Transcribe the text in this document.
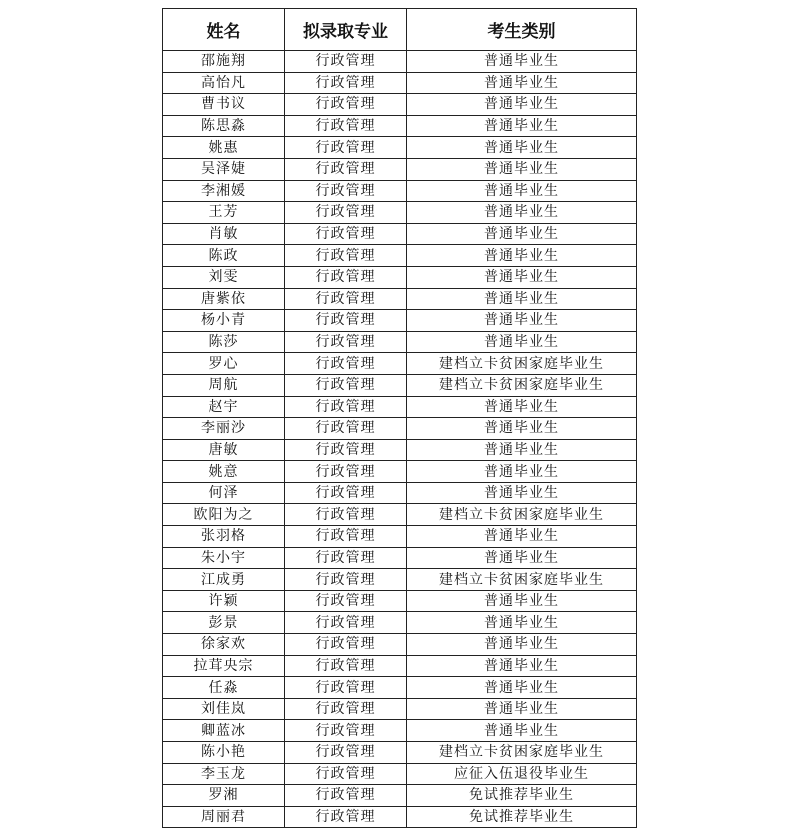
姓名	拟录取专业	考生类别
邵施翔	行政管理	普通毕业生
高怡凡	行政管理	普通毕业生
曹书议	行政管理	普通毕业生
陈思淼	行政管理	普通毕业生
姚惠	行政管理	普通毕业生
吴泽婕	行政管理	普通毕业生
李湘媛	行政管理	普通毕业生
王芳	行政管理	普通毕业生
肖敏	行政管理	普通毕业生
陈政	行政管理	普通毕业生
刘雯	行政管理	普通毕业生
唐紫依	行政管理	普通毕业生
杨小青	行政管理	普通毕业生
陈莎	行政管理	普通毕业生
罗心	行政管理	建档立卡贫困家庭毕业生
周航	行政管理	建档立卡贫困家庭毕业生
赵宇	行政管理	普通毕业生
李丽沙	行政管理	普通毕业生
唐敏	行政管理	普通毕业生
姚意	行政管理	普通毕业生
何泽	行政管理	普通毕业生
欧阳为之	行政管理	建档立卡贫困家庭毕业生
张羽格	行政管理	普通毕业生
朱小宇	行政管理	普通毕业生
江成勇	行政管理	建档立卡贫困家庭毕业生
许颖	行政管理	普通毕业生
彭景	行政管理	普通毕业生
徐家欢	行政管理	普通毕业生
拉茸央宗	行政管理	普通毕业生
任淼	行政管理	普通毕业生
刘佳岚	行政管理	普通毕业生
卿蓝冰	行政管理	普通毕业生
陈小艳	行政管理	建档立卡贫困家庭毕业生
李玉龙	行政管理	应征入伍退役毕业生
罗湘	行政管理	免试推荐毕业生
周丽君	行政管理	免试推荐毕业生
